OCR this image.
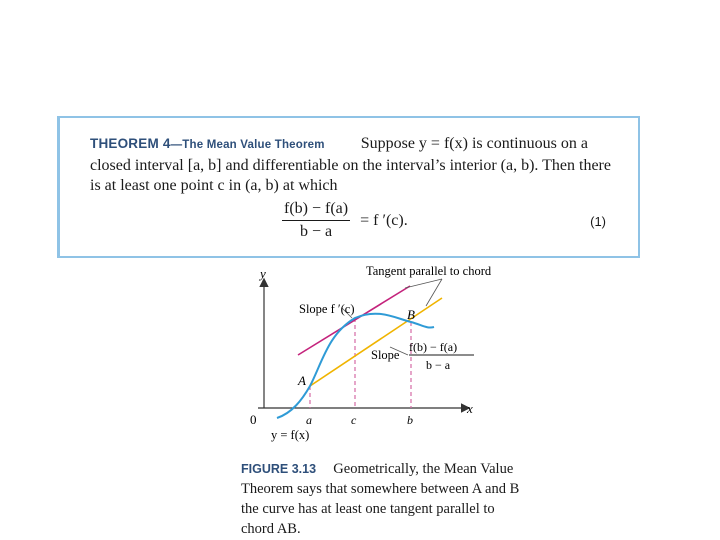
THEOREM 4—The Mean Value Theorem Suppose y = f(x) is continuous on a
closed interval [a, b] and differentiable on the interval’s interior (a, b). Then there
is at least one point c in (a, b) at which
$\frac{f(b) - f(a)}{b - a} = f$ ′(c).	(1)
y
x
0
Tangent parallel to chord
Slope f ′(c)	B
A
Slope
f(b) − f(a)
b − a
a	c	b
y = f(x)
FIGURE 3.13 Geometrically, the Mean Value Theorem says that somewhere between A and B the curve has at least one tangent parallel to chord AB.
